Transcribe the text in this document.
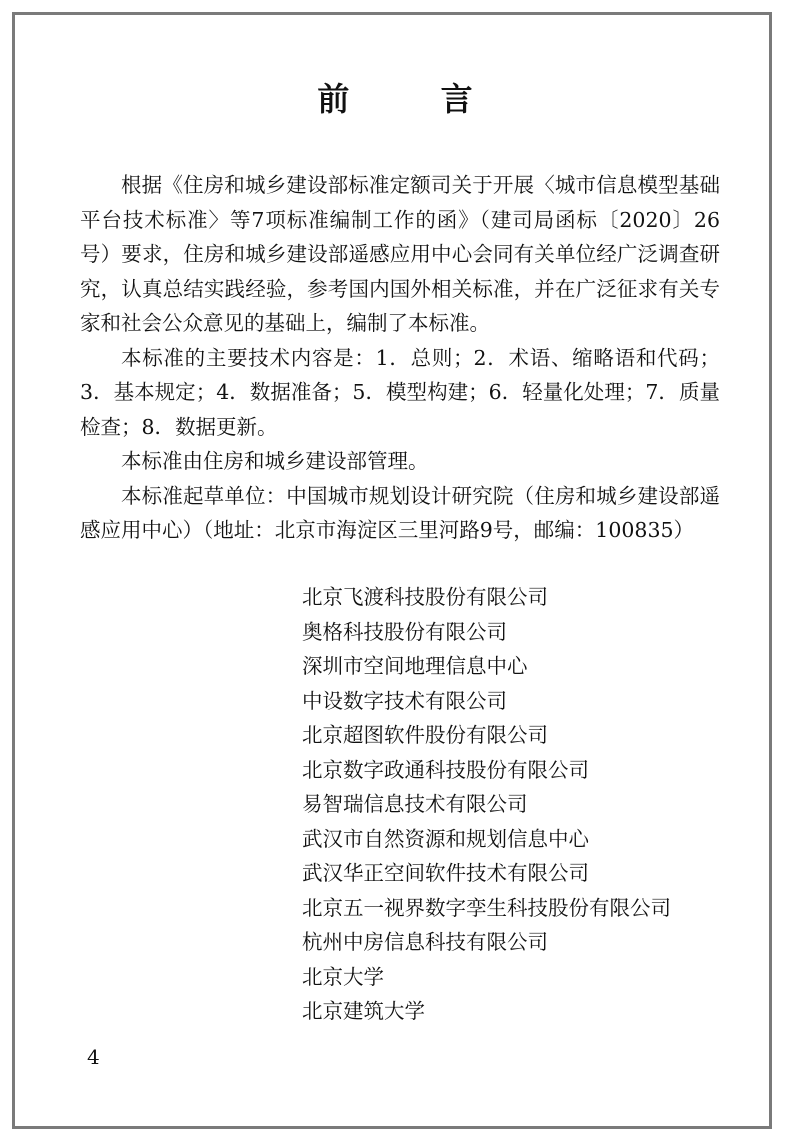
前 言

根据《住房和城乡建设部标准定额司关于开展〈城市信息模型基础平台技术标准〉等7项标准编制工作的函》（建司局函标〔2020〕26号）要求，住房和城乡建设部遥感应用中心会同有关单位经广泛调查研究，认真总结实践经验，参考国内国外相关标准，并在广泛征求有关专家和社会公众意见的基础上，编制了本标准。

本标准的主要技术内容是：1．总则；2．术语、缩略语和代码；3．基本规定；4．数据准备；5．模型构建；6．轻量化处理；7．质量检查；8．数据更新。

本标准由住房和城乡建设部管理。

本标准起草单位：中国城市规划设计研究院（住房和城乡建设部遥感应用中心）（地址：北京市海淀区三里河路9号，邮编：100835）

北京飞渡科技股份有限公司
奥格科技股份有限公司
深圳市空间地理信息中心
中设数字技术有限公司
北京超图软件股份有限公司
北京数字政通科技股份有限公司
易智瑞信息技术有限公司
武汉市自然资源和规划信息中心
武汉华正空间软件技术有限公司
北京五一视界数字孪生科技股份有限公司
杭州中房信息科技有限公司
北京大学
北京建筑大学
4
